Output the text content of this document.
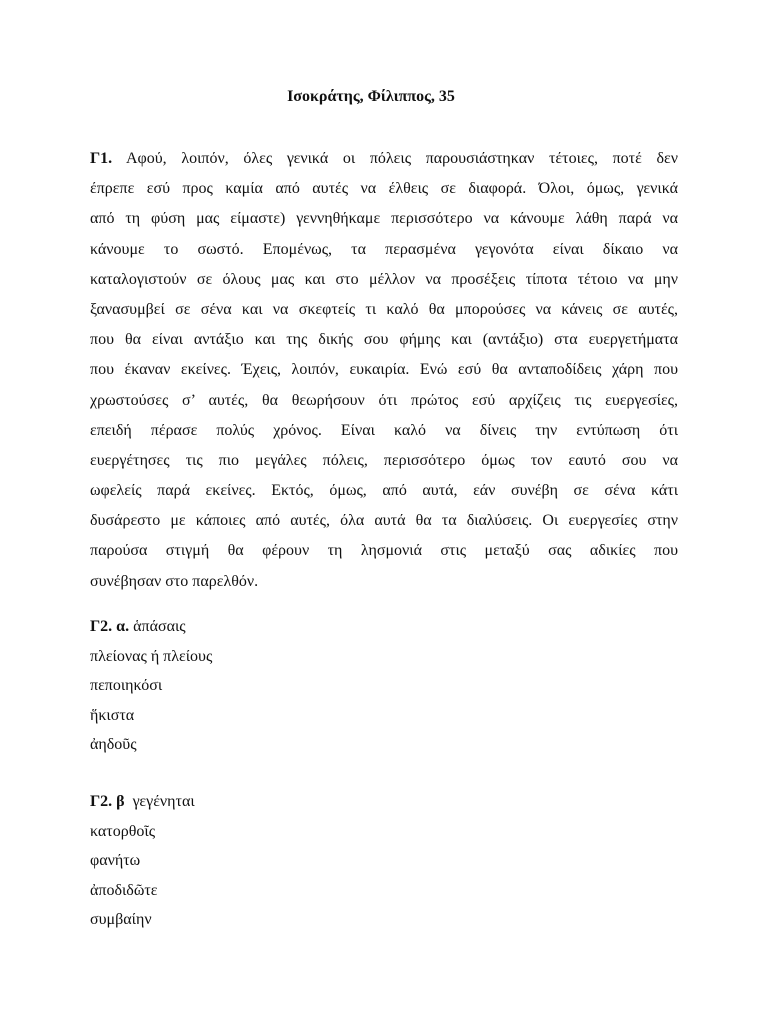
Ισοκράτης, Φίλιππος, 35
Γ1. Αφού, λοιπόν, όλες γενικά οι πόλεις παρουσιάστηκαν τέτοιες, ποτέ δεν
έπρεπε εσύ προς καμία από αυτές να έλθεις σε διαφορά. Όλοι, όμως, γενικά
από τη φύση μας είμαστε) γεννηθήκαμε περισσότερο να κάνουμε λάθη παρά να
κάνουμε το σωστό. Επομένως, τα περασμένα γεγονότα είναι δίκαιο να
καταλογιστούν σε όλους μας και στο μέλλον να προσέξεις τίποτα τέτοιο να μην
ξανασυμβεί σε σένα και να σκεφτείς τι καλό θα μπορούσες να κάνεις σε αυτές,
που θα είναι αντάξιο και της δικής σου φήμης και (αντάξιο) στα ευεργετήματα
που έκαναν εκείνες. Έχεις, λοιπόν, ευκαιρία. Ενώ εσύ θα ανταποδίδεις χάρη που
χρωστούσες σ’ αυτές, θα θεωρήσουν ότι πρώτος εσύ αρχίζεις τις ευεργεσίες,
επειδή πέρασε πολύς χρόνος. Είναι καλό να δίνεις την εντύπωση ότι
ευεργέτησες τις πιο μεγάλες πόλεις, περισσότερο όμως τον εαυτό σου να
ωφελείς παρά εκείνες. Εκτός, όμως, από αυτά, εάν συνέβη σε σένα κάτι
δυσάρεστο με κάποιες από αυτές, όλα αυτά θα τα διαλύσεις. Οι ευεργεσίες στην
παρούσα στιγμή θα φέρουν τη λησμονιά στις μεταξύ σας αδικίες που
συνέβησαν στο παρελθόν.
Γ2. α. ἁπάσαις
πλείονας ή πλείους
πεποιηκόσι
ἥκιστα
ἀηδοῦς
Γ2. β  γεγένηται
κατορθοῖς
φανήτω
ἀποδιδῶτε
συμβαίην
